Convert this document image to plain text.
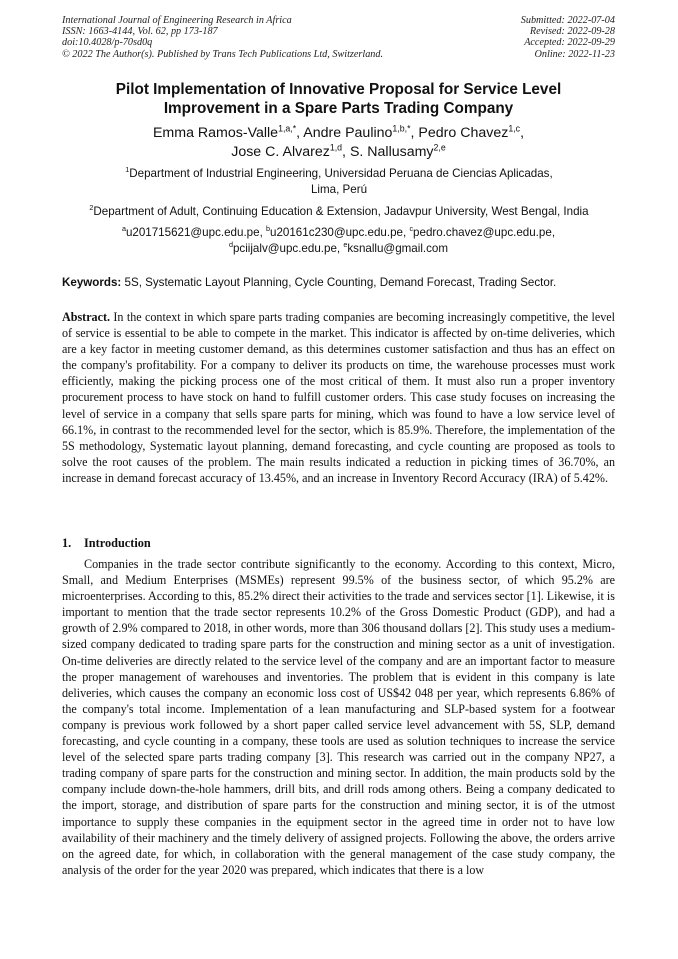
International Journal of Engineering Research in Africa
ISSN: 1663-4144, Vol. 62, pp 173-187
doi:10.4028/p-70sd0q
© 2022 The Author(s). Published by Trans Tech Publications Ltd, Switzerland.
Submitted: 2022-07-04
Revised: 2022-09-28
Accepted: 2022-09-29
Online: 2022-11-23
Pilot Implementation of Innovative Proposal for Service Level
Improvement in a Spare Parts Trading Company
Emma Ramos-Valle$^{1,a,*}$, Andre Paulino$^{1,b,*}$, Pedro Chavez$^{1,c}$,
Jose C. Alvarez$^{1,d}$, S. Nallusamy$^{2,e}$
$^1$Department of Industrial Engineering, Universidad Peruana de Ciencias Aplicadas,
Lima, Perú
$^2$Department of Adult, Continuing Education & Extension, Jadavpur University, West Bengal, India
$^a$u201715621@upc.edu.pe, $^b$u20161c230@upc.edu.pe, $^c$pedro.chavez@upc.edu.pe,
$^d$pciijalv@upc.edu.pe, $^e$ksnallu@gmail.com
Keywords: 5S, Systematic Layout Planning, Cycle Counting, Demand Forecast, Trading Sector.
Abstract. In the context in which spare parts trading companies are becoming increasingly competitive, the level of service is essential to be able to compete in the market. This indicator is affected by on-time deliveries, which are a key factor in meeting customer demand, as this determines customer satisfaction and thus has an effect on the company's profitability. For a company to deliver its products on time, the warehouse processes must work efficiently, making the picking process one of the most critical of them. It must also run a proper inventory procurement process to have stock on hand to fulfill customer orders. This case study focuses on increasing the level of service in a company that sells spare parts for mining, which was found to have a low service level of 66.1%, in contrast to the recommended level for the sector, which is 85.9%. Therefore, the implementation of the 5S methodology, Systematic layout planning, demand forecasting, and cycle counting are proposed as tools to solve the root causes of the problem. The main results indicated a reduction in picking times of 36.70%, an increase in demand forecast accuracy of 13.45%, and an increase in Inventory Record Accuracy (IRA) of 5.42%.
1. Introduction
Companies in the trade sector contribute significantly to the economy. According to this context, Micro, Small, and Medium Enterprises (MSMEs) represent 99.5% of the business sector, of which 95.2% are microenterprises. According to this, 85.2% direct their activities to the trade and services sector [1]. Likewise, it is important to mention that the trade sector represents 10.2% of the Gross Domestic Product (GDP), and had a growth of 2.9% compared to 2018, in other words, more than 306 thousand dollars [2]. This study uses a medium-sized company dedicated to trading spare parts for the construction and mining sector as a unit of investigation. On-time deliveries are directly related to the service level of the company and are an important factor to measure the proper management of warehouses and inventories. The problem that is evident in this company is late deliveries, which causes the company an economic loss cost of US$42 048 per year, which represents 6.86% of the company's total income. Implementation of a lean manufacturing and SLP-based system for a footwear company is previous work followed by a short paper called service level advancement with 5S, SLP, demand forecasting, and cycle counting in a company, these tools are used as solution techniques to increase the service level of the selected spare parts trading company [3]. This research was carried out in the company NP27, a trading company of spare parts for the construction and mining sector. In addition, the main products sold by the company include down-the-hole hammers, drill bits, and drill rods among others. Being a company dedicated to the import, storage, and distribution of spare parts for the construction and mining sector, it is of the utmost importance to supply these companies in the equipment sector in the agreed time in order not to have low availability of their machinery and the timely delivery of assigned projects. Following the above, the orders arrive on the agreed date, for which, in collaboration with the general management of the case study company, the analysis of the order for the year 2020 was prepared, which indicates that there is a low
